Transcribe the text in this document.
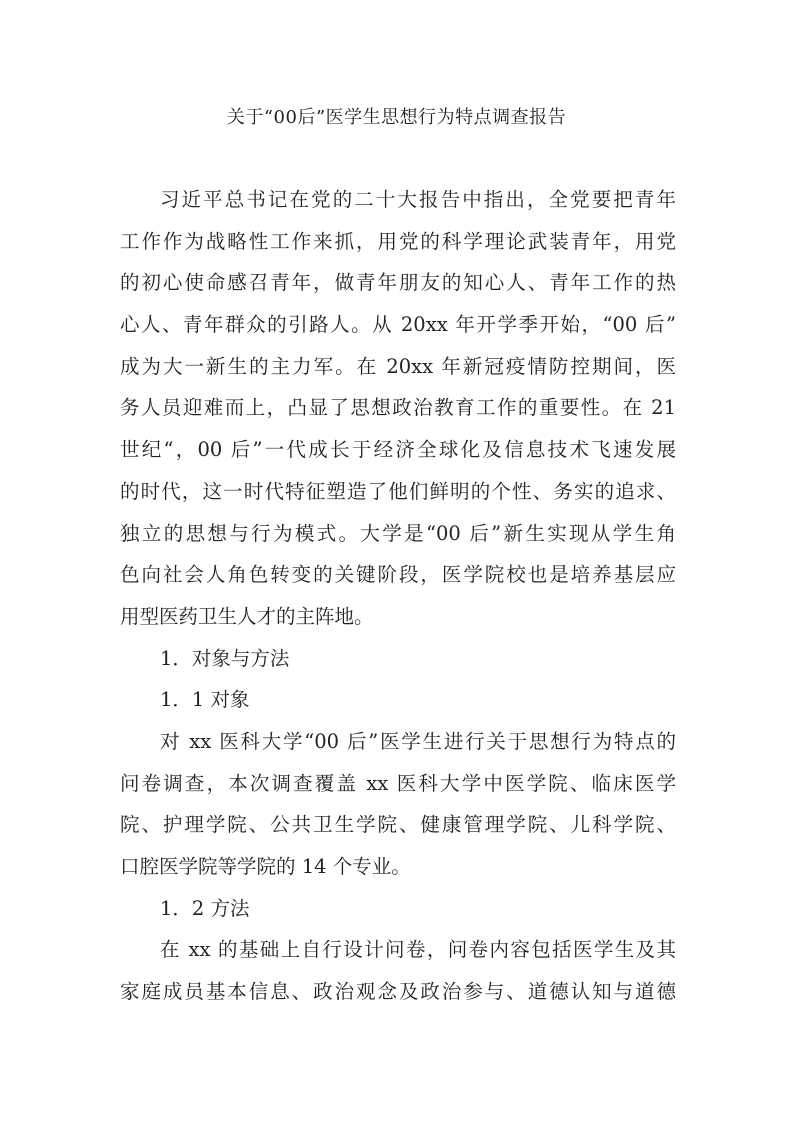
关于“00后”医学生思想行为特点调查报告
习近平总书记在党的二十大报告中指出，全党要把青年
工作作为战略性工作来抓，用党的科学理论武装青年，用党
的初心使命感召青年，做青年朋友的知心人、青年工作的热
心人、青年群众的引路人。从 20xx 年开学季开始，“00 后”
成为大一新生的主力军。在 20xx 年新冠疫情防控期间，医
务人员迎难而上，凸显了思想政治教育工作的重要性。在 21
世纪“，00 后”一代成长于经济全球化及信息技术飞速发展
的时代，这一时代特征塑造了他们鲜明的个性、务实的追求、
独立的思想与行为模式。大学是“00 后”新生实现从学生角
色向社会人角色转变的关键阶段，医学院校也是培养基层应
用型医药卫生人才的主阵地。
1．对象与方法
1．1 对象
对 xx 医科大学“00 后”医学生进行关于思想行为特点的
问卷调查，本次调查覆盖 xx 医科大学中医学院、临床医学
院、护理学院、公共卫生学院、健康管理学院、儿科学院、
口腔医学院等学院的 14 个专业。
1．2 方法
在 xx 的基础上自行设计问卷，问卷内容包括医学生及其
家庭成员基本信息、政治观念及政治参与、道德认知与道德
